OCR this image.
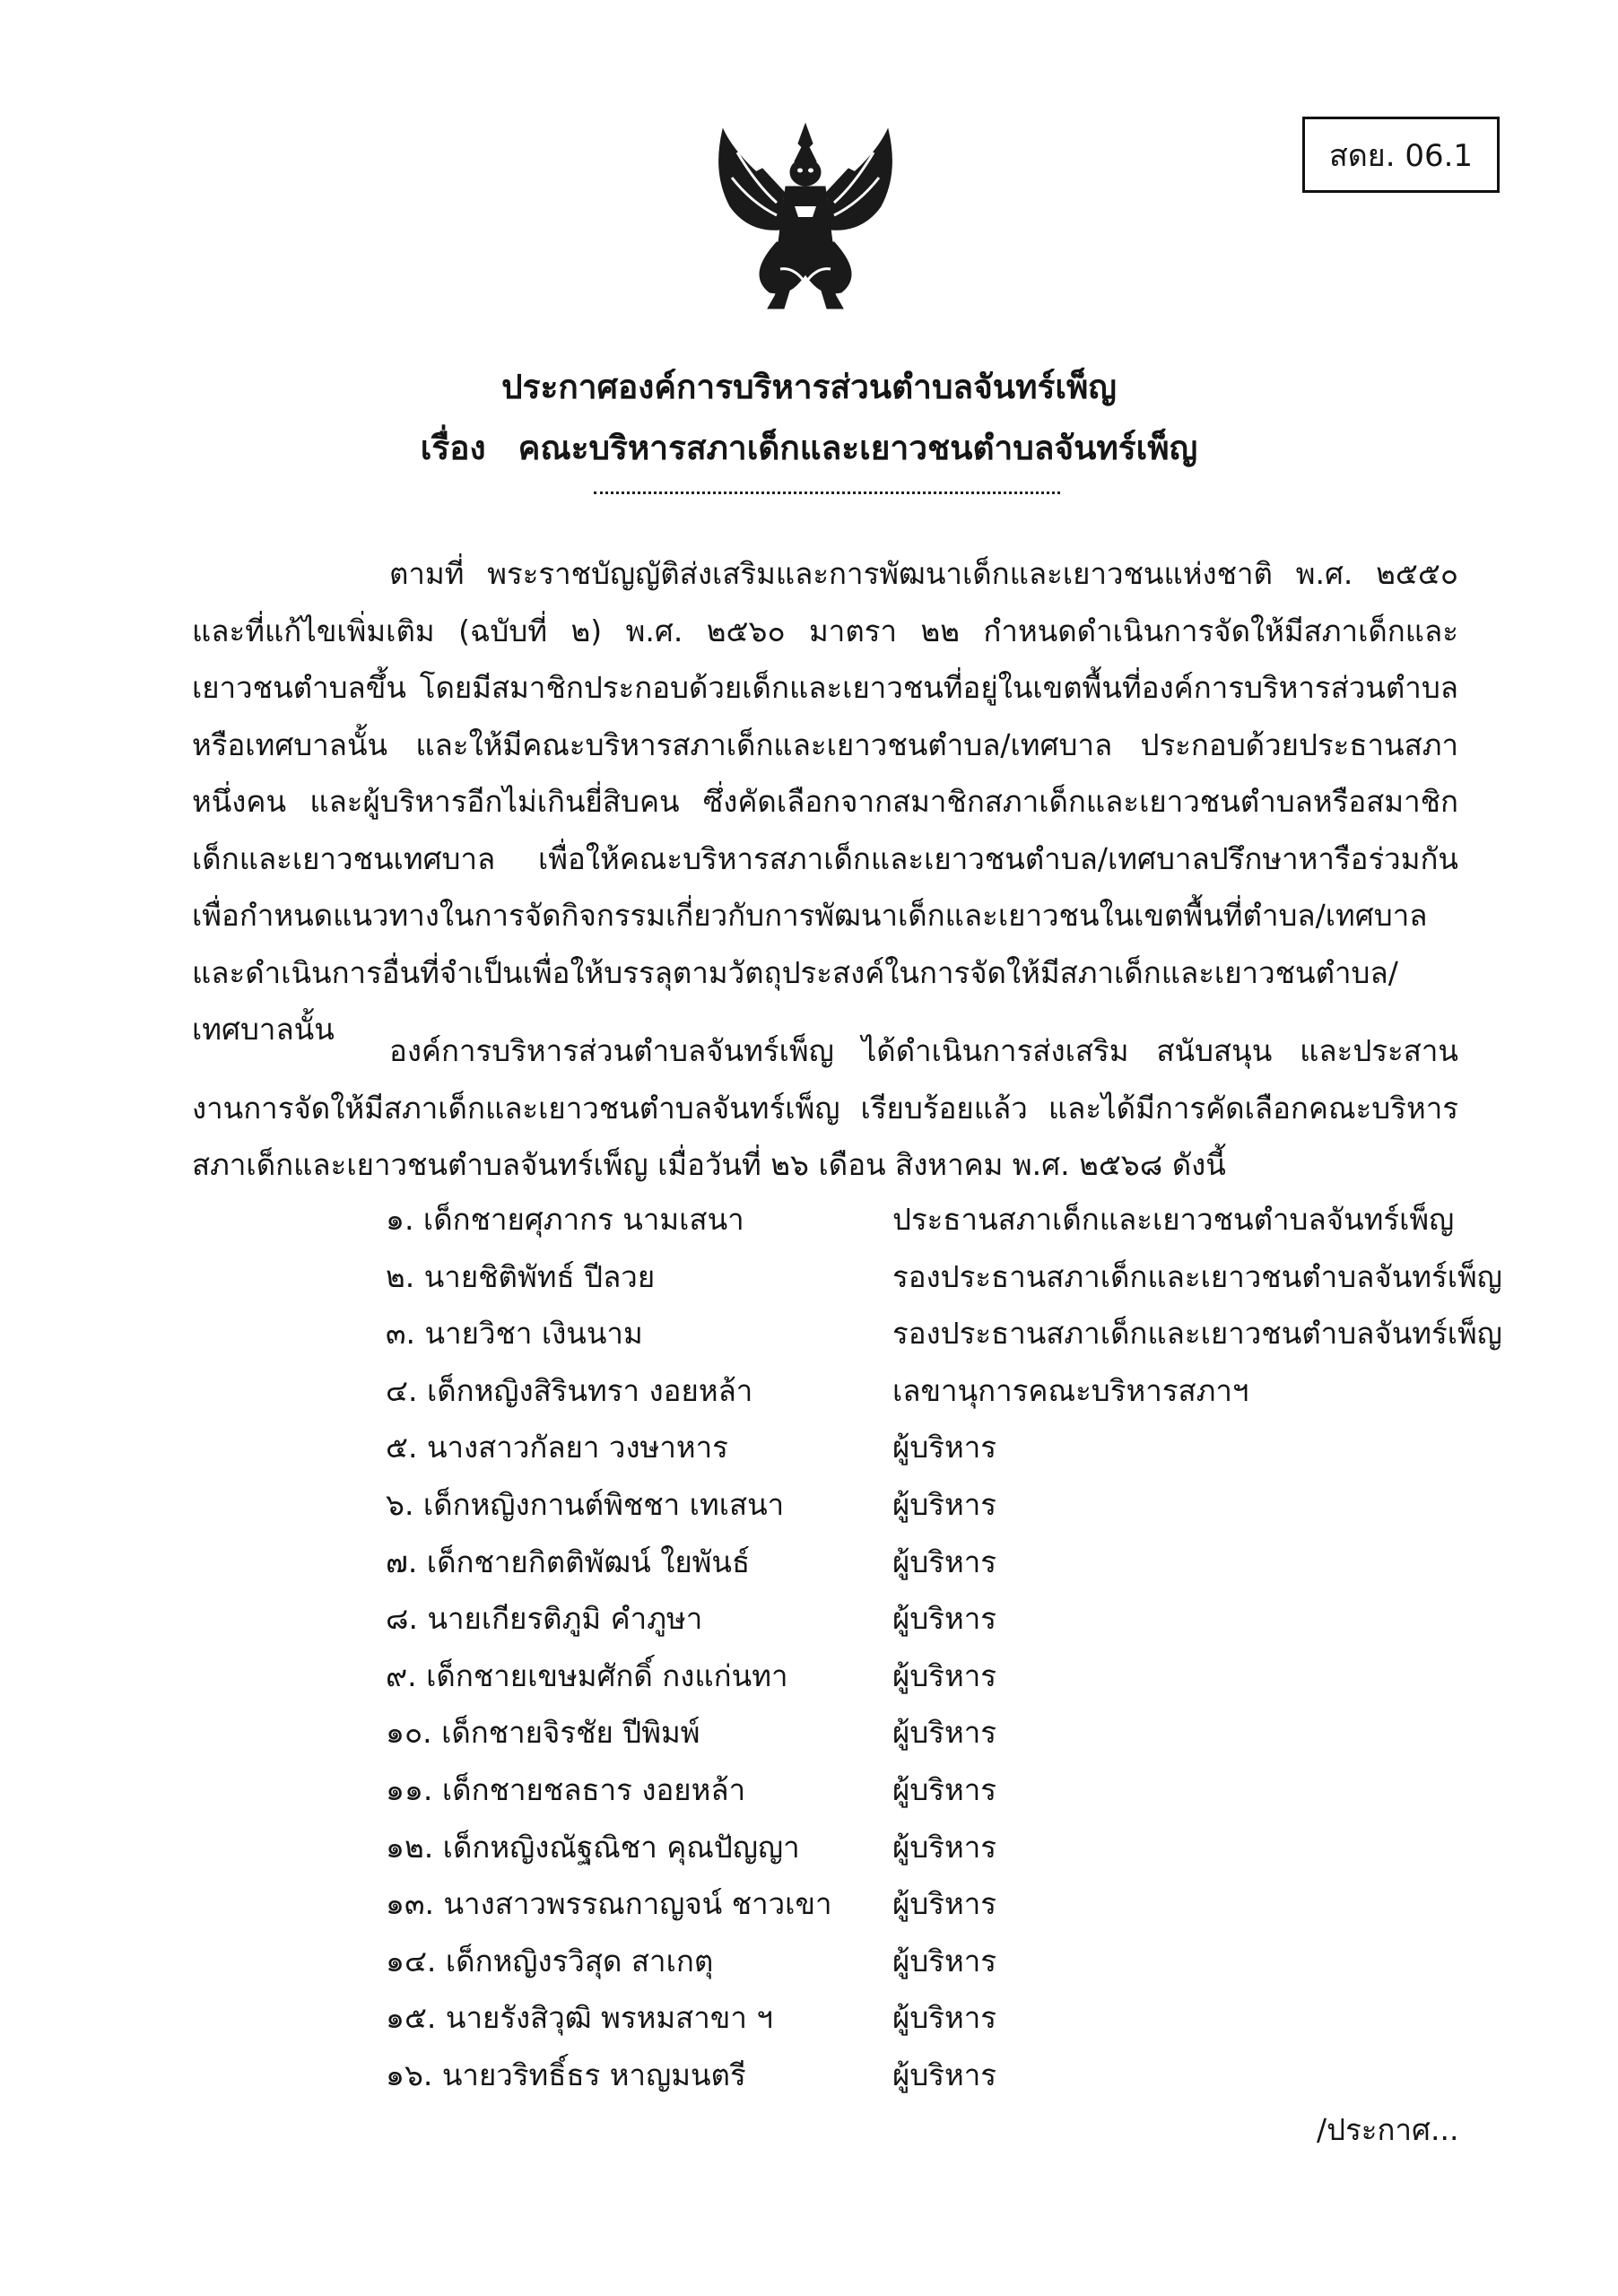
สดย. 06.1
ประกาศองค์การบริหารส่วนตำบลจันทร์เพ็ญ
เรื่อง คณะบริหารสภาเด็กและเยาวชนตำบลจันทร์เพ็ญ

ตามที่ พระราชบัญญัติส่งเสริมและการพัฒนาเด็กและเยาวชนแห่งชาติ พ.ศ. ๒๕๕๐ และที่แก้ไขเพิ่มเติม (ฉบับที่ ๒) พ.ศ. ๒๕๖๐ มาตรา ๒๒ กำหนดดำเนินการจัดให้มีสภาเด็กและเยาวชนตำบลขึ้น โดยมีสมาชิกประกอบด้วยเด็กและเยาวชนที่อยู่ในเขตพื้นที่องค์การบริหารส่วนตำบลหรือเทศบาลนั้น และให้มีคณะบริหารสภาเด็กและเยาวชนตำบล/เทศบาล ประกอบด้วยประธานสภาหนึ่งคน และผู้บริหารอีกไม่เกินยี่สิบคน ซึ่งคัดเลือกจากสมาชิกสภาเด็กและเยาวชนตำบลหรือสมาชิกเด็กและเยาวชนเทศบาล เพื่อให้คณะบริหารสภาเด็กและเยาวชนตำบล/เทศบาลปรึกษาหารือร่วมกันเพื่อกำหนดแนวทางในการจัดกิจกรรมเกี่ยวกับการพัฒนาเด็กและเยาวชนในเขตพื้นที่ตำบล/เทศบาล และดำเนินการอื่นที่จำเป็นเพื่อให้บรรลุตามวัตถุประสงค์ในการจัดให้มีสภาเด็กและเยาวชนตำบล/เทศบาลนั้น

องค์การบริหารส่วนตำบลจันทร์เพ็ญ ได้ดำเนินการส่งเสริม สนับสนุน และประสานงานการจัดให้มีสภาเด็กและเยาวชนตำบลจันทร์เพ็ญ เรียบร้อยแล้ว และได้มีการคัดเลือกคณะบริหารสภาเด็กและเยาวชนตำบลจันทร์เพ็ญ เมื่อวันที่ ๒๖ เดือน สิงหาคม พ.ศ. ๒๕๖๘ ดังนี้

๑. เด็กชายศุภากร นามเสนา	ประธานสภาเด็กและเยาวชนตำบลจันทร์เพ็ญ
๒. นายชิติพัทธ์ ปีลวย	รองประธานสภาเด็กและเยาวชนตำบลจันทร์เพ็ญ
๓. นายวิชา เงินนาม	รองประธานสภาเด็กและเยาวชนตำบลจันทร์เพ็ญ
๔. เด็กหญิงสิรินทรา งอยหล้า	เลขานุการคณะบริหารสภาฯ
๕. นางสาวกัลยา วงษาหาร	ผู้บริหาร
๖. เด็กหญิงกานต์พิชชา เทเสนา	ผู้บริหาร
๗. เด็กชายกิตติพัฒน์ ใยพันธ์	ผู้บริหาร
๘. นายเกียรติภูมิ คำภูษา	ผู้บริหาร
๙. เด็กชายเขษมศักดิ์ กงแก่นทา	ผู้บริหาร
๑๐. เด็กชายจิรชัย ปีพิมพ์	ผู้บริหาร
๑๑. เด็กชายชลธาร งอยหล้า	ผู้บริหาร
๑๒. เด็กหญิงณัฐณิชา คุณปัญญา	ผู้บริหาร
๑๓. นางสาวพรรณกาญจน์ ชาวเขา	ผู้บริหาร
๑๔. เด็กหญิงรวิสุด สาเกตุ	ผู้บริหาร
๑๕. นายรังสิวุฒิ พรหมสาขา ฯ	ผู้บริหาร
๑๖. นายวริทธิ์ธร หาญมนตรี	ผู้บริหาร
/ประกาศ...
